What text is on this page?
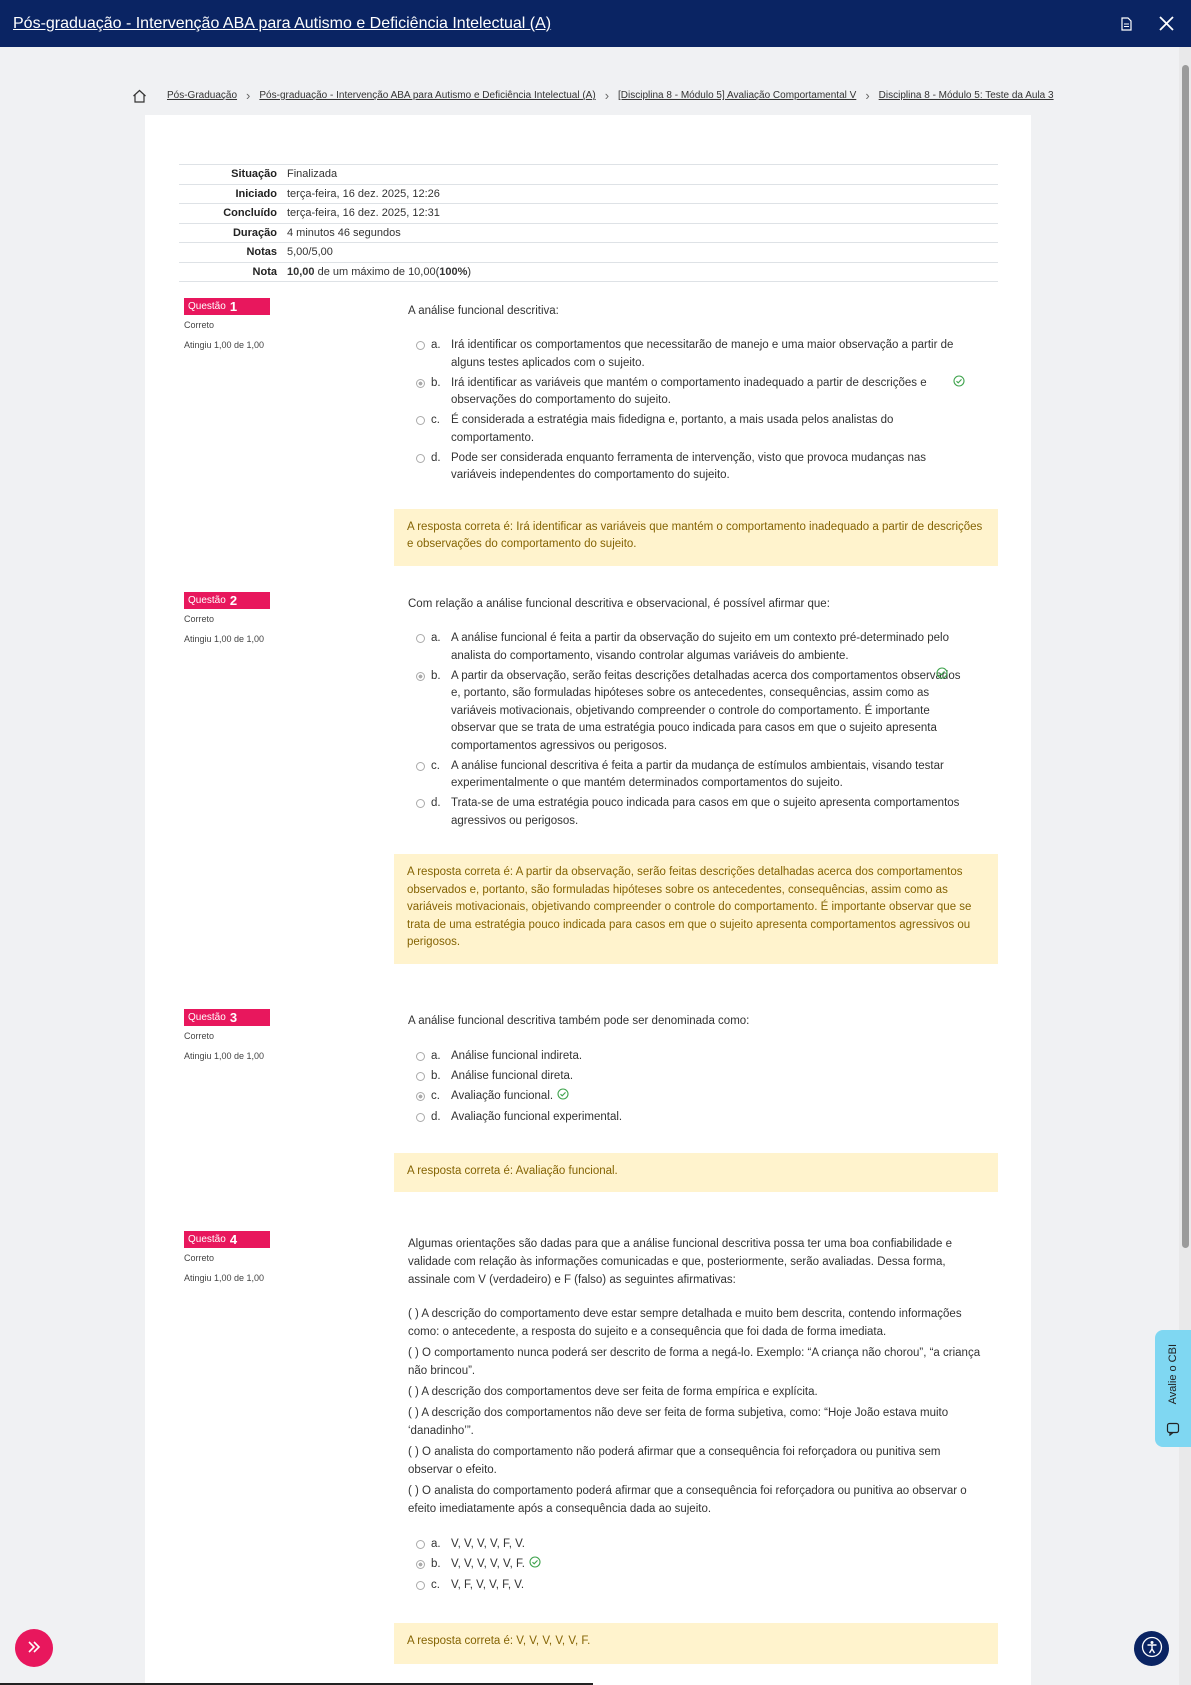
Pós-graduação - Intervenção ABA para Autismo e Deficiência Intelectual (A)
Pós-Graduação › Pós-graduação - Intervenção ABA para Autismo e Deficiência Intelectual (A) › [Disciplina 8 - Módulo 5] Avaliação Comportamental V › Disciplina 8 - Módulo 5: Teste da Aula 3
Situação	Finalizada
Iniciado	terça-feira, 16 dez. 2025, 12:26
Concluído	terça-feira, 16 dez. 2025, 12:31
Duração	4 minutos 46 segundos
Notas	5,00/5,00
Nota	10,00 de um máximo de 10,00(100%)
Questão 1
Correto
Atingiu 1,00 de 1,00
A análise funcional descritiva:
a. Irá identificar os comportamentos que necessitarão de manejo e uma maior observação a partir de alguns testes aplicados com o sujeito.
b. Irá identificar as variáveis que mantém o comportamento inadequado a partir de descrições e observações do comportamento do sujeito.
c. É considerada a estratégia mais fidedigna e, portanto, a mais usada pelos analistas do comportamento.
d. Pode ser considerada enquanto ferramenta de intervenção, visto que provoca mudanças nas variáveis independentes do comportamento do sujeito.
A resposta correta é: Irá identificar as variáveis que mantém o comportamento inadequado a partir de descrições e observações do comportamento do sujeito.
Questão 2
Correto
Atingiu 1,00 de 1,00
Com relação a análise funcional descritiva e observacional, é possível afirmar que:
a. A análise funcional é feita a partir da observação do sujeito em um contexto pré-determinado pelo analista do comportamento, visando controlar algumas variáveis do ambiente.
b. A partir da observação, serão feitas descrições detalhadas acerca dos comportamentos observados e, portanto, são formuladas hipóteses sobre os antecedentes, consequências, assim como as variáveis motivacionais, objetivando compreender o controle do comportamento. É importante observar que se trata de uma estratégia pouco indicada para casos em que o sujeito apresenta comportamentos agressivos ou perigosos.
c. A análise funcional descritiva é feita a partir da mudança de estímulos ambientais, visando testar experimentalmente o que mantém determinados comportamentos do sujeito.
d. Trata-se de uma estratégia pouco indicada para casos em que o sujeito apresenta comportamentos agressivos ou perigosos.
A resposta correta é: A partir da observação, serão feitas descrições detalhadas acerca dos comportamentos observados e, portanto, são formuladas hipóteses sobre os antecedentes, consequências, assim como as variáveis motivacionais, objetivando compreender o controle do comportamento. É importante observar que se trata de uma estratégia pouco indicada para casos em que o sujeito apresenta comportamentos agressivos ou perigosos.
Questão 3
Correto
Atingiu 1,00 de 1,00
A análise funcional descritiva também pode ser denominada como:
a. Análise funcional indireta.
b. Análise funcional direta.
c. Avaliação funcional.
d. Avaliação funcional experimental.
A resposta correta é: Avaliação funcional.
Questão 4
Correto
Atingiu 1,00 de 1,00

Algumas orientações são dadas para que a análise funcional descritiva possa ter uma boa confiabilidade e validade com relação às informações comunicadas e que, posteriormente, serão avaliadas. Dessa forma, assinale com V (verdadeiro) e F (falso) as seguintes afirmativas:

( ) A descrição do comportamento deve estar sempre detalhada e muito bem descrita, contendo informações como: o antecedente, a resposta do sujeito e a consequência que foi dada de forma imediata.

( ) O comportamento nunca poderá ser descrito de forma a negá-lo. Exemplo: “A criança não chorou”, “a criança não brincou”.

( ) A descrição dos comportamentos deve ser feita de forma empírica e explícita.

( ) A descrição dos comportamentos não deve ser feita de forma subjetiva, como: “Hoje João estava muito ‘danadinho’”.

( ) O analista do comportamento não poderá afirmar que a consequência foi reforçadora ou punitiva sem observar o efeito.

( ) O analista do comportamento poderá afirmar que a consequência foi reforçadora ou punitiva ao observar o efeito imediatamente após a consequência dada ao sujeito.

a. V, V, V, V, F, V.
b. V, V, V, V, V, F.
c. V, F, V, V, F, V.
A resposta correta é: V, V, V, V, V, F.
Avalie o CBI
